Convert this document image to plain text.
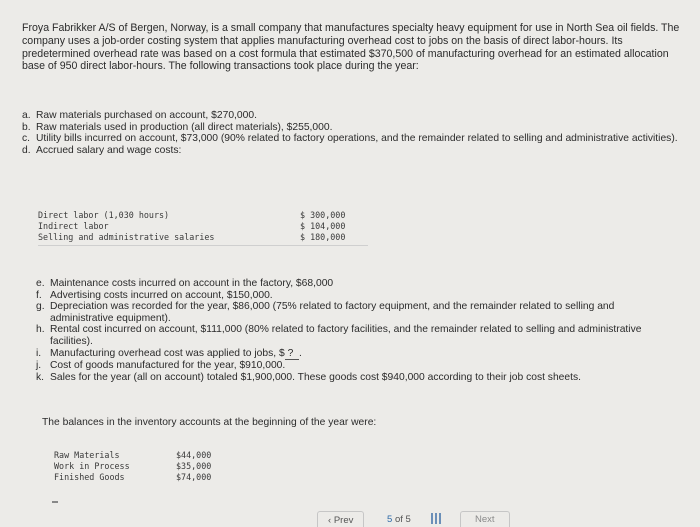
Froya Fabrikker A/S of Bergen, Norway, is a small company that manufactures specialty heavy equipment for use in North Sea oil fields. The company uses a job-order costing system that applies manufacturing overhead cost to jobs on the basis of direct labor-hours. Its predetermined overhead rate was based on a cost formula that estimated $370,500 of manufacturing overhead for an estimated allocation base of 950 direct labor-hours. The following transactions took place during the year:
a. Raw materials purchased on account, $270,000.
b. Raw materials used in production (all direct materials), $255,000.
c. Utility bills incurred on account, $73,000 (90% related to factory operations, and the remainder related to selling and administrative activities).
d. Accrued salary and wage costs:
Direct labor (1,030 hours)	$ 300,000
Indirect labor	$ 104,000
Selling and administrative salaries	$ 180,000
e. Maintenance costs incurred on account in the factory, $68,000
f. Advertising costs incurred on account, $150,000.
g. Depreciation was recorded for the year, $86,000 (75% related to factory equipment, and the remainder related to selling and administrative equipment).
h. Rental cost incurred on account, $111,000 (80% related to factory facilities, and the remainder related to selling and administrative facilities).
i. Manufacturing overhead cost was applied to jobs, $ ? .
j. Cost of goods manufactured for the year, $910,000.
k. Sales for the year (all on account) totaled $1,900,000. These goods cost $940,000 according to their job cost sheets.
The balances in the inventory accounts at the beginning of the year were:
Raw Materials	$44,000
Work in Process	$35,000
Finished Goods	$74,000
‹ Prev	5 of 5	Next
